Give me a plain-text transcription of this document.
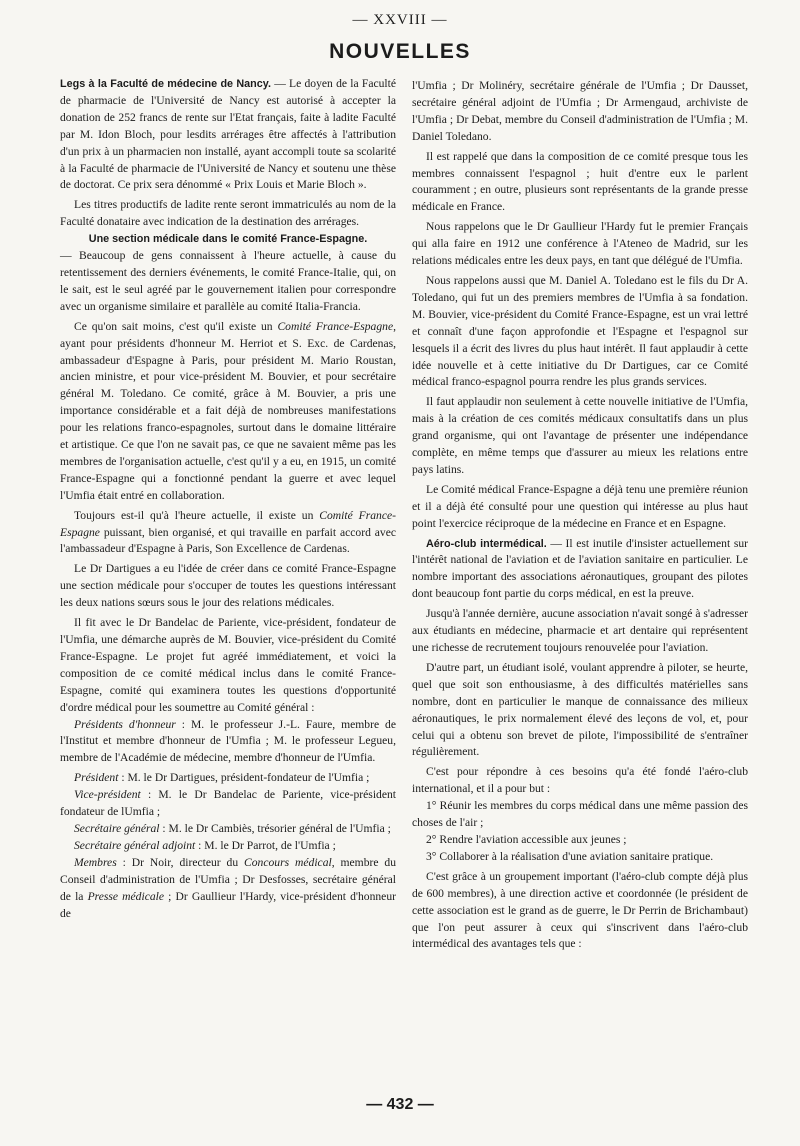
— XXVIII —
NOUVELLES

Legs à la Faculté de médecine de Nancy. — Le doyen de la Faculté de pharmacie de l'Université de Nancy est autorisé à accepter la donation de 252 francs de rente sur l'Etat français, faite à ladite Faculté par M. Idon Bloch, pour lesdits arrérages être affectés à l'attribution d'un prix à un pharmacien non installé, ayant accompli toute sa scolarité à la Faculté de pharmacie de l'Université de Nancy et soutenu une thèse de doctorat. Ce prix sera dénommé « Prix Louis et Marie Bloch ».

Les titres productifs de ladite rente seront immatriculés au nom de la Faculté donataire avec indication de la destination des arrérages.

Une section médicale dans le comité France-Espagne.
— Beaucoup de gens connaissent à l'heure actuelle, à cause du retentissement des derniers événements, le comité France-Italie, qui, on le sait, est le seul agréé par le gouvernement italien pour correspondre avec un organisme similaire et parallèle au comité Italia-Francia.

Ce qu'on sait moins, c'est qu'il existe un Comité France-Espagne, ayant pour présidents d'honneur M. Herriot et S. Exc. de Cardenas, ambassadeur d'Espagne à Paris, pour président M. Mario Roustan, ancien ministre, et pour vice-président M. Bouvier, et pour secrétaire général M. Toledano. Ce comité, grâce à M. Bouvier, a pris une importance considérable et a fait déjà de nombreuses manifestations pour les relations franco-espagnoles, surtout dans le domaine littéraire et artistique. Ce que l'on ne savait pas, ce que ne savaient même pas les membres de l'organisation actuelle, c'est qu'il y a eu, en 1915, un comité France-Espagne qui a fonctionné pendant la guerre et avec lequel l'Umfia était entré en collaboration.

Toujours est-il qu'à l'heure actuelle, il existe un Comité France-Espagne puissant, bien organisé, et qui travaille en parfait accord avec l'ambassadeur d'Espagne à Paris, Son Excellence de Cardenas.

Le Dr Dartigues a eu l'idée de créer dans ce comité France-Espagne une section médicale pour s'occuper de toutes les questions intéressant les deux nations sœurs sous le jour des relations médicales.

Il fit avec le Dr Bandelac de Pariente, vice-président, fondateur de l'Umfia, une démarche auprès de M. Bouvier, vice-président du Comité France-Espagne. Le projet fut agréé immédiatement, et voici la composition de ce comité médical inclus dans le comité France-Espagne, comité qui examinera toutes les questions d'opportunité d'ordre médical pour les soumettre au Comité général :

Présidents d'honneur : M. le professeur J.-L. Faure, membre de l'Institut et membre d'honneur de l'Umfia ; M. le professeur Legueu, membre de l'Académie de médecine, membre d'honneur de l'Umfia.

Président : M. le Dr Dartigues, président-fondateur de l'Umfia ;

Vice-président : M. le Dr Bandelac de Pariente, vice-président fondateur de lUmfia ;

Secrétaire général : M. le Dr Cambiès, trésorier général de l'Umfia ;

Secrétaire général adjoint : M. le Dr Parrot, de l'Umfia ;

Membres : Dr Noir, directeur du Concours médical, membre du Conseil d'administration de l'Umfia ; Dr Desfosses, secrétaire général de la Presse médicale ; Dr Gaullieur l'Hardy, vice-président d'honneur de

l'Umfia ; Dr Molinéry, secrétaire générale de l'Umfia ; Dr Dausset, secrétaire général adjoint de l'Umfia ; Dr Armengaud, archiviste de l'Umfia ; Dr Debat, membre du Conseil d'administration de l'Umfia ; M. Daniel Toledano.

Il est rappelé que dans la composition de ce comité presque tous les membres connaissent l'espagnol ; huit d'entre eux le parlent couramment ; en outre, plusieurs sont représentants de la grande presse médicale en France.

Nous rappelons que le Dr Gaullieur l'Hardy fut le premier Français qui alla faire en 1912 une conférence à l'Ateneo de Madrid, sur les relations médicales entre les deux pays, en tant que délégué de l'Umfia.

Nous rappelons aussi que M. Daniel A. Toledano est le fils du Dr A. Toledano, qui fut un des premiers membres de l'Umfia à sa fondation. M. Bouvier, vice-président du Comité France-Espagne, est un vrai lettré et connaît d'une façon approfondie et l'Espagne et l'espagnol sur lesquels il a écrit des livres du plus haut intérêt. Il faut applaudir à cette idée nouvelle et à cette initiative du Dr Dartigues, car ce Comité médical franco-espagnol pourra rendre les plus grands services.

Il faut applaudir non seulement à cette nouvelle initiative de l'Umfia, mais à la création de ces comités médicaux consultatifs dans un plus grand organisme, qui ont l'avantage de présenter une indépendance complète, en même temps que d'assurer au mieux les relations entre pays latins.

Le Comité médical France-Espagne a déjà tenu une première réunion et il a déjà été consulté pour une question qui intéresse au plus haut point l'exercice réciproque de la médecine en France et en Espagne.

Aéro-club intermédical. — Il est inutile d'insister actuellement sur l'intérêt national de l'aviation et de l'aviation sanitaire en particulier. Le nombre important des associations aéronautiques, groupant des pilotes dont beaucoup font partie du corps médical, en est la preuve.

Jusqu'à l'année dernière, aucune association n'avait songé à s'adresser aux étudiants en médecine, pharmacie et art dentaire qui représentent une richesse de recrutement toujours renouvelée pour l'aviation.

D'autre part, un étudiant isolé, voulant apprendre à piloter, se heurte, quel que soit son enthousiasme, à des difficultés matérielles sans nombre, dont en particulier le manque de connaissance des milieux aéronautiques, le prix normalement élevé des leçons de vol, et, pour celui qui a obtenu son brevet de pilote, l'impossibilité de s'entraîner régulièrement.

C'est pour répondre à ces besoins qu'a été fondé l'aéro-club international, et il a pour but :

1° Réunir les membres du corps médical dans une même passion des choses de l'air ;

2° Rendre l'aviation accessible aux jeunes ;

3° Collaborer à la réalisation d'une aviation sanitaire pratique.

C'est grâce à un groupement important (l'aéro-club compte déjà plus de 600 membres), à une direction active et coordonnée (le président de cette association est le grand as de guerre, le Dr Perrin de Brichambaut) que l'on peut assurer à ceux qui s'inscrivent dans l'aéro-club intermédical des avantages tels que :

— 432 —
